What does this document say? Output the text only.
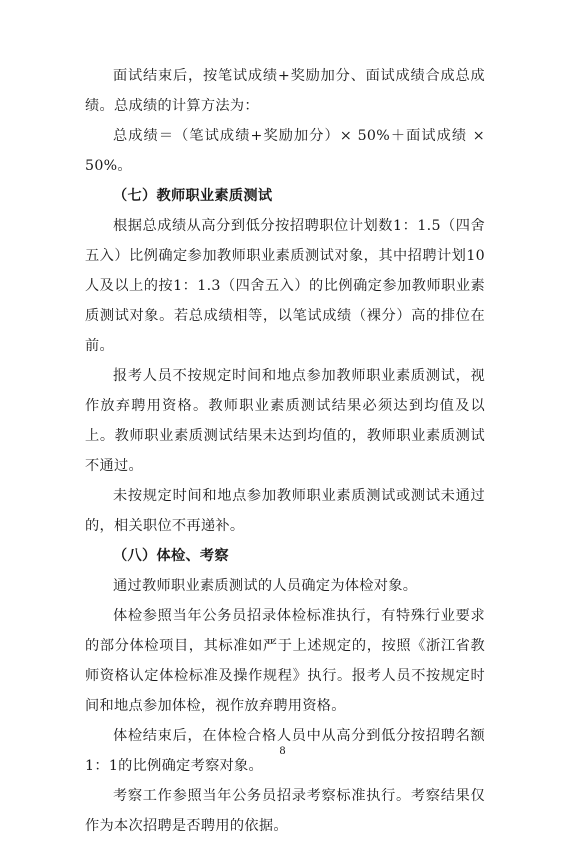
面试结束后，按笔试成绩+奖励加分、面试成绩合成总成绩。总成绩的计算方法为：

总成绩＝（笔试成绩+奖励加分）× 50%＋面试成绩 × 50%。

（七）教师职业素质测试

根据总成绩从高分到低分按招聘职位计划数1：1.5（四舍五入）比例确定参加教师职业素质测试对象，其中招聘计划10人及以上的按1：1.3（四舍五入）的比例确定参加教师职业素质测试对象。若总成绩相等，以笔试成绩（裸分）高的排位在前。

报考人员不按规定时间和地点参加教师职业素质测试，视作放弃聘用资格。教师职业素质测试结果必须达到均值及以上。教师职业素质测试结果未达到均值的，教师职业素质测试不通过。

未按规定时间和地点参加教师职业素质测试或测试未通过的，相关职位不再递补。

（八）体检、考察

通过教师职业素质测试的人员确定为体检对象。

体检参照当年公务员招录体检标准执行，有特殊行业要求的部分体检项目，其标准如严于上述规定的，按照《浙江省教师资格认定体检标准及操作规程》执行。报考人员不按规定时间和地点参加体检，视作放弃聘用资格。

体检结束后，在体检合格人员中从高分到低分按招聘名额1：1的比例确定考察对象。

考察工作参照当年公务员招录考察标准执行。考察结果仅作为本次招聘是否聘用的依据。

8
